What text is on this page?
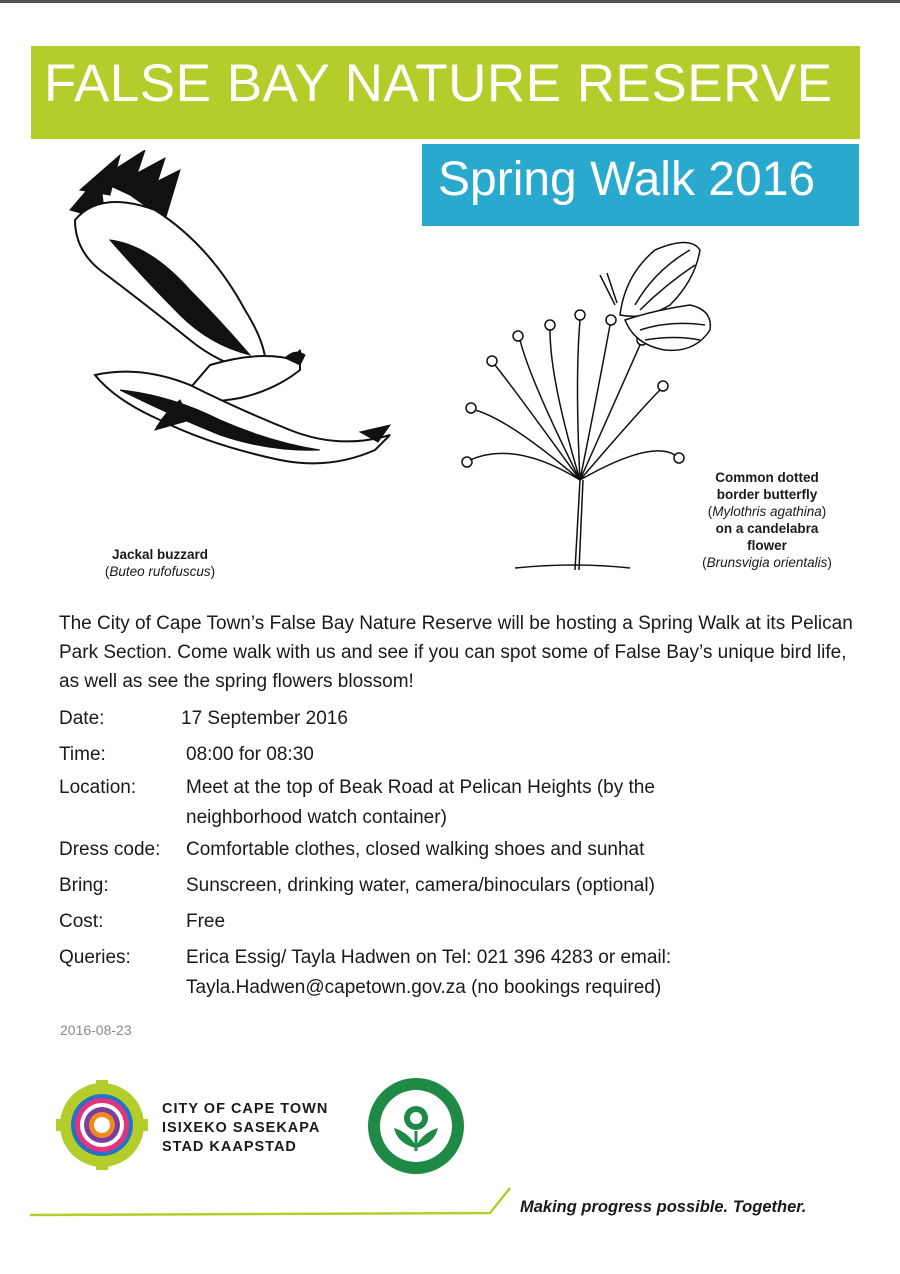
FALSE BAY NATURE RESERVE
Spring Walk 2016
Jackal buzzard
(Buteo rufofuscus)
Common dotted
border butterfly
(Mylothris agathina)
on a candelabra
flower
(Brunsvigia orientalis)
The City of Cape Town’s False Bay Nature Reserve will be hosting a Spring Walk at its Pelican Park Section. Come walk with us and see if you can spot some of False Bay’s unique bird life, as well as see the spring flowers blossom!
Date:	17 September 2016
Time:	08:00 for 08:30
Location:	Meet at the top of Beak Road at Pelican Heights (by the
neighborhood watch container)
Dress code: Comfortable clothes, closed walking shoes and sunhat
Bring:	Sunscreen, drinking water, camera/binoculars (optional)
Cost:	Free
Queries:	Erica Essig/ Tayla Hadwen on Tel: 021 396 4283 or email:
Tayla.Hadwen@capetown.gov.za (no bookings required)
2016-08-23
CITY OF CAPE TOWN
ISIXEKO SASEKAPA
STAD KAAPSTAD
Making progress possible. Together.
